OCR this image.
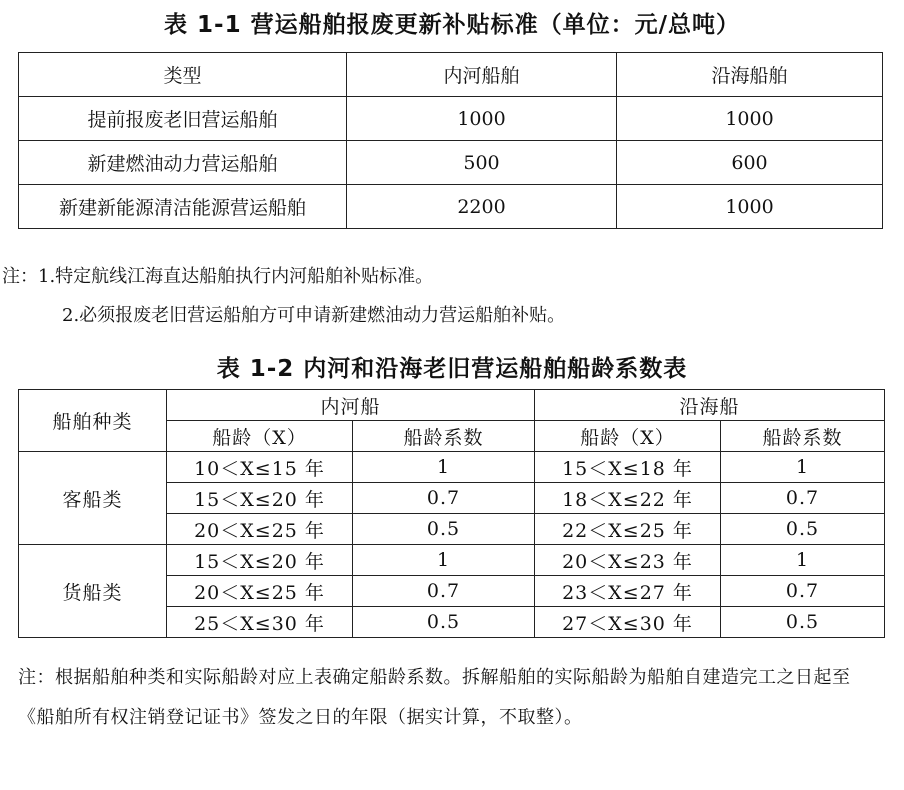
表 1-1 营运船舶报废更新补贴标准（单位：元/总吨）
类型	内河船舶	沿海船舶
提前报废老旧营运船舶	1000	1000
新建燃油动力营运船舶	500	600
新建新能源清洁能源营运船舶	2200	1000
注：1.特定航线江海直达船舶执行内河船舶补贴标准。
2.必须报废老旧营运船舶方可申请新建燃油动力营运船舶补贴。
表 1-2 内河和沿海老旧营运船舶船龄系数表
船舶种类	内河船		沿海船	
	船龄（X）	船龄系数	船龄（X）	船龄系数
客船类	10＜X≤15 年	1	15＜X≤18 年	1
	15＜X≤20 年	0.7	18＜X≤22 年	0.7
	20＜X≤25 年	0.5	22＜X≤25 年	0.5
货船类	15＜X≤20 年	1	20＜X≤23 年	1
	20＜X≤25 年	0.7	23＜X≤27 年	0.7
	25＜X≤30 年	0.5	27＜X≤30 年	0.5
注：根据船舶种类和实际船龄对应上表确定船龄系数。拆解船舶的实际船龄为船舶自建造完工之日起至《船舶所有权注销登记证书》签发之日的年限（据实计算，不取整）。
